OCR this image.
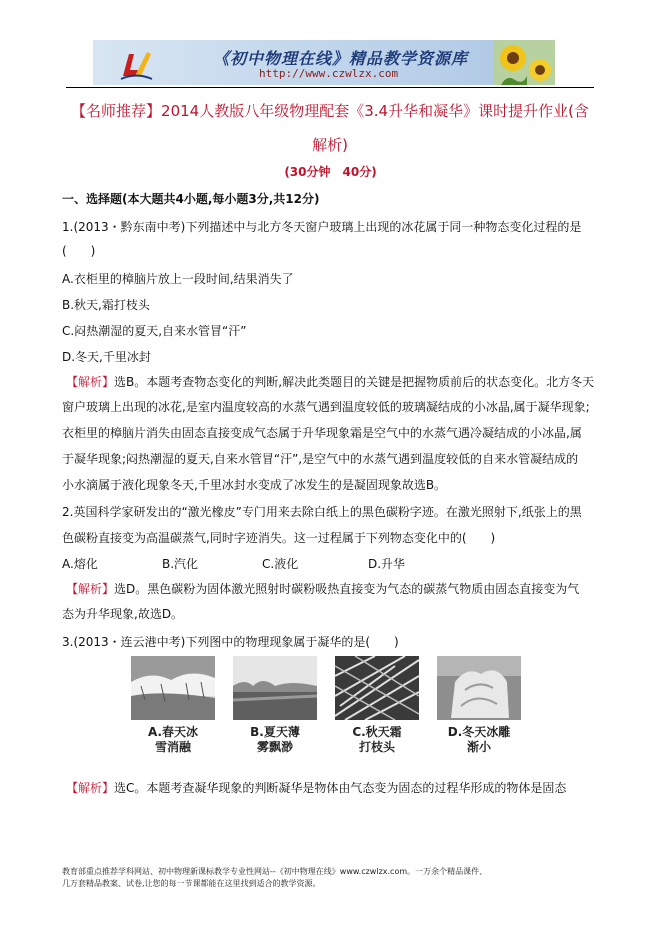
《初中物理在线》精品教学资源库
http://www.czwlzx.com
【名师推荐】2014人教版八年级物理配套《3.4升华和凝华》课时提升作业(含
解析)
(30分钟　40分)
一、选择题(本大题共4小题,每小题3分,共12分)
1.(2013・黔东南中考)下列描述中与北方冬天窗户玻璃上出现的冰花属于同一种物态变化过程的是
(　　)
A.衣柜里的樟脑片放上一段时间,结果消失了
B.秋天,霜打枝头
C.闷热潮湿的夏天,自来水管冒“汗”
D.冬天,千里冰封
【解析】选B。本题考查物态变化的判断,解决此类题目的关键是把握物质前后的状态变化。北方冬天
窗户玻璃上出现的冰花,是室内温度较高的水蒸气遇到温度较低的玻璃凝结成的小冰晶,属于凝华现象;
衣柜里的樟脑片消失由固态直接变成气态属于升华现象霜是空气中的水蒸气遇冷凝结成的小冰晶,属
于凝华现象;闷热潮湿的夏天,自来水管冒“汗”,是空气中的水蒸气遇到温度较低的自来水管凝结成的
小水滴属于液化现象冬天,千里冰封水变成了冰发生的是凝固现象故选B。
2.英国科学家研发出的“激光橡皮”专门用来去除白纸上的黑色碳粉字迹。在激光照射下,纸张上的黑
色碳粉直接变为高温碳蒸气,同时字迹消失。这一过程属于下列物态变化中的(　　)
A.熔化	B.汽化	C.液化	D.升华
【解析】选D。黑色碳粉为固体激光照射时碳粉吸热直接变为气态的碳蒸气物质由固态直接变为气
态为升华现象,故选D。
3.(2013・连云港中考)下列图中的物理现象属于凝华的是(　　)
A.春天冰
雪消融
B.夏天薄
雾飘渺
C.秋天霜
打枝头
D.冬天冰雕
渐小
【解析】选C。本题考查凝华现象的判断凝华是物体由气态变为固态的过程华形成的物体是固态
教育部重点推荐学科网站、初中物理新课标教学专业性网站--《初中物理在线》www.czwlzx.com。一万余个精品课件、
几万套精品教案、试卷,让您的每一节课都能在这里找到适合的教学资源。
